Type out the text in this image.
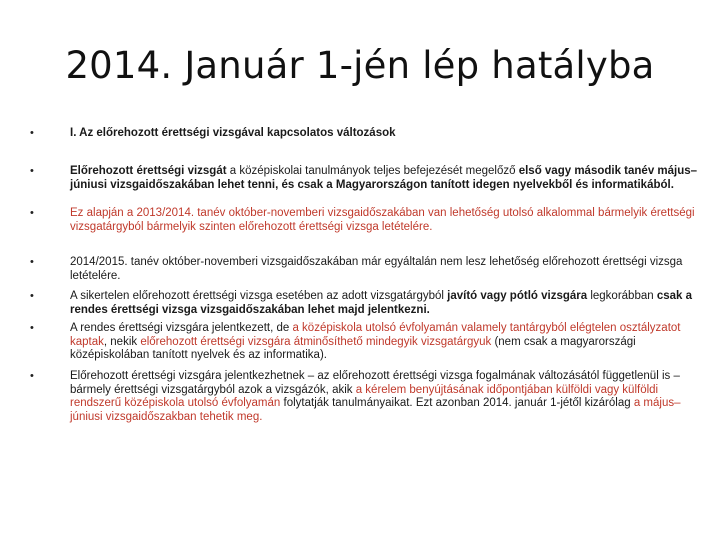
2014. Január 1-jén lép hatályba
•	I. Az előrehozott érettségi vizsgával kapcsolatos változások
•	Előrehozott érettségi vizsgát a középiskolai tanulmányok teljes befejezését megelőző első vagy második tanév május–júniusi vizsgaidőszakában lehet tenni, és csak a Magyarországon tanított idegen nyelvekből és informatikából.
•	Ez alapján a 2013/2014. tanév október-novemberi vizsgaidőszakában van lehetőség utolsó alkalommal bármelyik érettségi vizsgatárgyból bármelyik szinten előrehozott érettségi vizsga letételére.
•	2014/2015. tanév október-novemberi vizsgaidőszakában már egyáltalán nem lesz lehetőség előrehozott érettségi vizsga letételére.
•	A sikertelen előrehozott érettségi vizsga esetében az adott vizsgatárgyból javító vagy pótló vizsgára legkorábban csak a rendes érettségi vizsga vizsgaidőszakában lehet majd jelentkezni.
•	A rendes érettségi vizsgára jelentkezett, de a középiskola utolsó évfolyamán valamely tantárgyból elégtelen osztályzatot kaptak, nekik előrehozott érettségi vizsgára átminősíthető mindegyik vizsgatárgyuk (nem csak a magyarországi középiskolában tanított nyelvek és az informatika).
•	Előrehozott érettségi vizsgára jelentkezhetnek – az előrehozott érettségi vizsga fogalmának változásától függetlenül is – bármely érettségi vizsgatárgyból azok a vizsgázók, akik a kérelem benyújtásának időpontjában külföldi vagy külföldi rendszerű középiskola utolsó évfolyamán folytatják tanulmányaikat. Ezt azonban 2014. január 1-jétől kizárólag a május–júniusi vizsgaidőszakban tehetik meg.
